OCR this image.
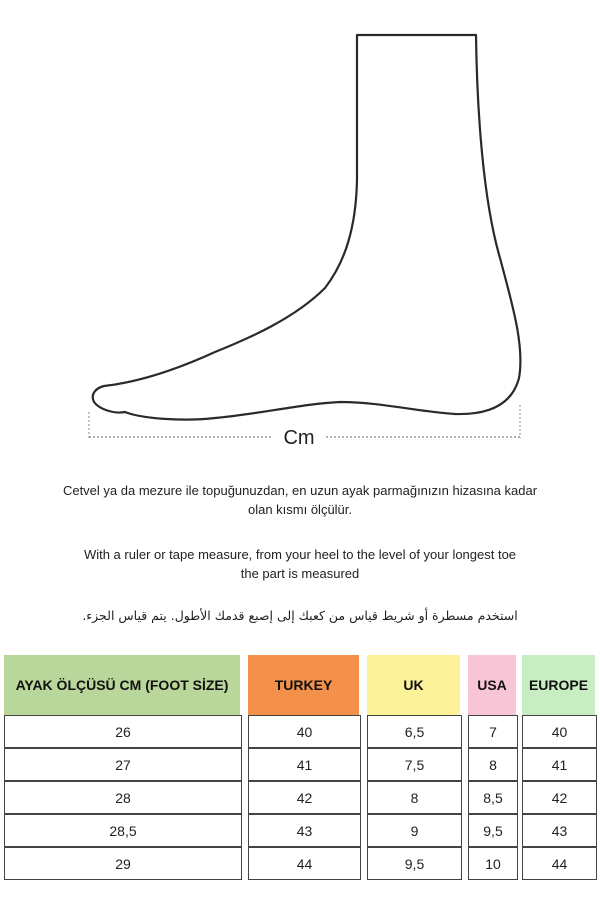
Cm
Cetvel ya da mezure ile topuğunuzdan, en uzun ayak parmağınızın hizasına kadar
olan kısmı ölçülür.
With a ruler or tape measure, from your heel to the level of your longest toe
the part is measured
استخدم مسطرة أو شريط قياس من كعبك إلى إصبع قدمك الأطول. يتم قياس الجزء.
AYAK ÖLÇÜSÜ CM (FOOT SİZE)		TURKEY		UK		USA		EUROPE
26		40		6,5		7		40
27		41		7,5		8		41
28		42		8		8,5		42
28,5		43		9		9,5		43
29		44		9,5		10		44
